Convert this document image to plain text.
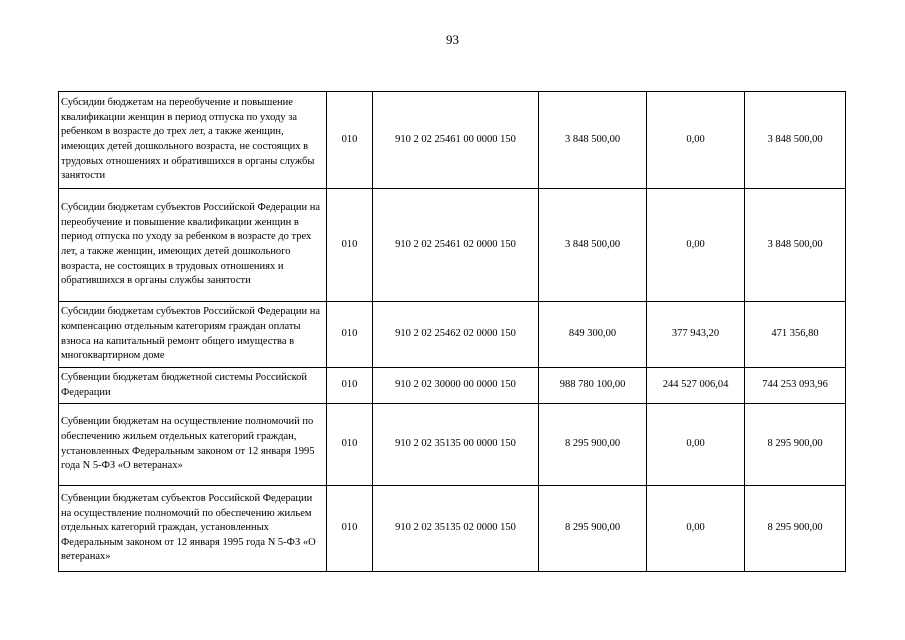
93
Субсидии бюджетам на переобучение и повышение квалификации женщин в период отпуска по уходу за ребенком в возрасте до трех лет, а также женщин, имеющих детей дошкольного возраста, не состоящих в трудовых отношениях и обратившихся в органы службы занятости	010	910 2 02 25461 00 0000 150	3 848 500,00	0,00	3 848 500,00
Субсидии бюджетам субъектов Российской Федерации на переобучение и повышение квалификации женщин в период отпуска по уходу за ребенком в возрасте до трех лет, а также женщин, имеющих детей дошкольного возраста, не состоящих в трудовых отношениях и обратившихся в органы службы занятости	010	910 2 02 25461 02 0000 150	3 848 500,00	0,00	3 848 500,00
Субсидии бюджетам субъектов Российской Федерации на компенсацию отдельным категориям граждан оплаты взноса на капитальный ремонт общего имущества в многоквартирном доме	010	910 2 02 25462 02 0000 150	849 300,00	377 943,20	471 356,80
Субвенции бюджетам бюджетной системы Российской Федерации	010	910 2 02 30000 00 0000 150	988 780 100,00	244 527 006,04	744 253 093,96
Субвенции бюджетам на осуществление полномочий по обеспечению жильем отдельных категорий граждан, установленных Федеральным законом от 12 января 1995 года N 5-ФЗ «О ветеранах»	010	910 2 02 35135 00 0000 150	8 295 900,00	0,00	8 295 900,00
Субвенции бюджетам субъектов Российской Федерации на осуществление полномочий по обеспечению жильем отдельных категорий граждан, установленных Федеральным законом от 12 января 1995 года N 5-ФЗ «О ветеранах»	010	910 2 02 35135 02 0000 150	8 295 900,00	0,00	8 295 900,00
